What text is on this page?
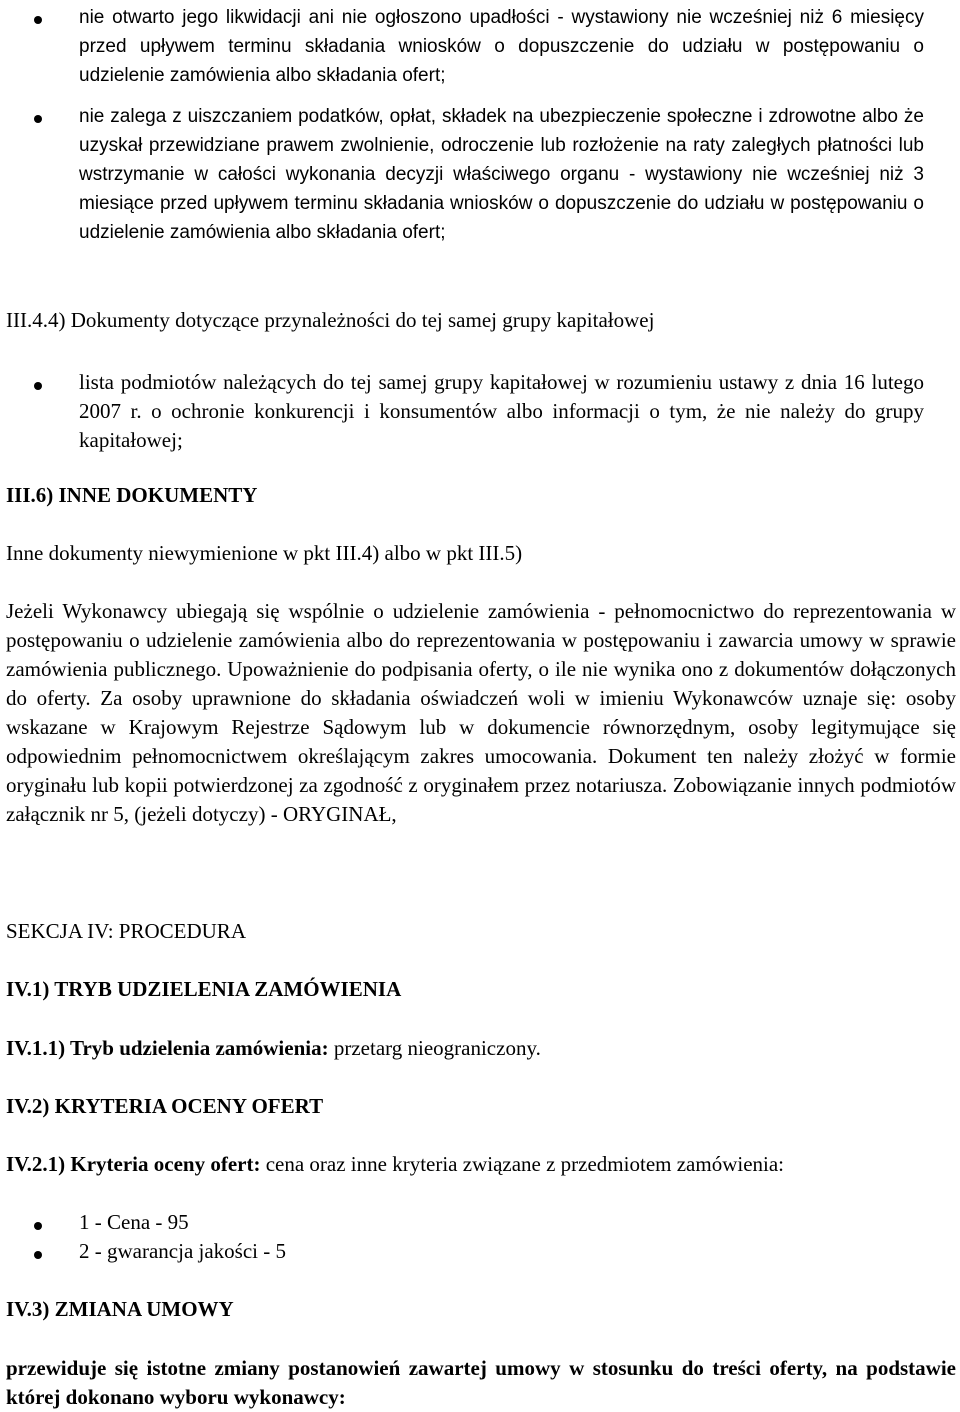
nie otwarto jego likwidacji ani nie ogłoszono upadłości - wystawiony nie wcześniej niż 6 miesięcy przed upływem terminu składania wniosków o dopuszczenie do udziału w postępowaniu o udzielenie zamówienia albo składania ofert;

nie zalega z uiszczaniem podatków, opłat, składek na ubezpieczenie społeczne i zdrowotne albo że uzyskał przewidziane prawem zwolnienie, odroczenie lub rozłożenie na raty zaległych płatności lub wstrzymanie w całości wykonania decyzji właściwego organu - wystawiony nie wcześniej niż 3 miesiące przed upływem terminu składania wniosków o dopuszczenie do udziału w postępowaniu o udzielenie zamówienia albo składania ofert;

III.4.4) Dokumenty dotyczące przynależności do tej samej grupy kapitałowej

lista podmiotów należących do tej samej grupy kapitałowej w rozumieniu ustawy z dnia 16 lutego 2007 r. o ochronie konkurencji i konsumentów albo informacji o tym, że nie należy do grupy kapitałowej;

III.6) INNE DOKUMENTY

Inne dokumenty niewymienione w pkt III.4) albo w pkt III.5)

Jeżeli Wykonawcy ubiegają się wspólnie o udzielenie zamówienia - pełnomocnictwo do reprezentowania w postępowaniu o udzielenie zamówienia albo do reprezentowania w postępowaniu i zawarcia umowy w sprawie zamówienia publicznego. Upoważnienie do podpisania oferty, o ile nie wynika ono z dokumentów dołączonych do oferty. Za osoby uprawnione do składania oświadczeń woli w imieniu Wykonawców uznaje się: osoby wskazane w Krajowym Rejestrze Sądowym lub w dokumencie równorzędnym, osoby legitymujące się odpowiednim pełnomocnictwem określającym zakres umocowania. Dokument ten należy złożyć w formie oryginału lub kopii potwierdzonej za zgodność z oryginałem przez notariusza. Zobowiązanie innych podmiotów załącznik nr 5, (jeżeli dotyczy) - ORYGINAŁ,

SEKCJA IV: PROCEDURA

IV.1) TRYB UDZIELENIA ZAMÓWIENIA

IV.1.1) Tryb udzielenia zamówienia: przetarg nieograniczony.

IV.2) KRYTERIA OCENY OFERT

IV.2.1) Kryteria oceny ofert: cena oraz inne kryteria związane z przedmiotem zamówienia:

1 - Cena - 95

2 - gwarancja jakości - 5

IV.3) ZMIANA UMOWY

przewiduje się istotne zmiany postanowień zawartej umowy w stosunku do treści oferty, na podstawie której dokonano wyboru wykonawcy:
